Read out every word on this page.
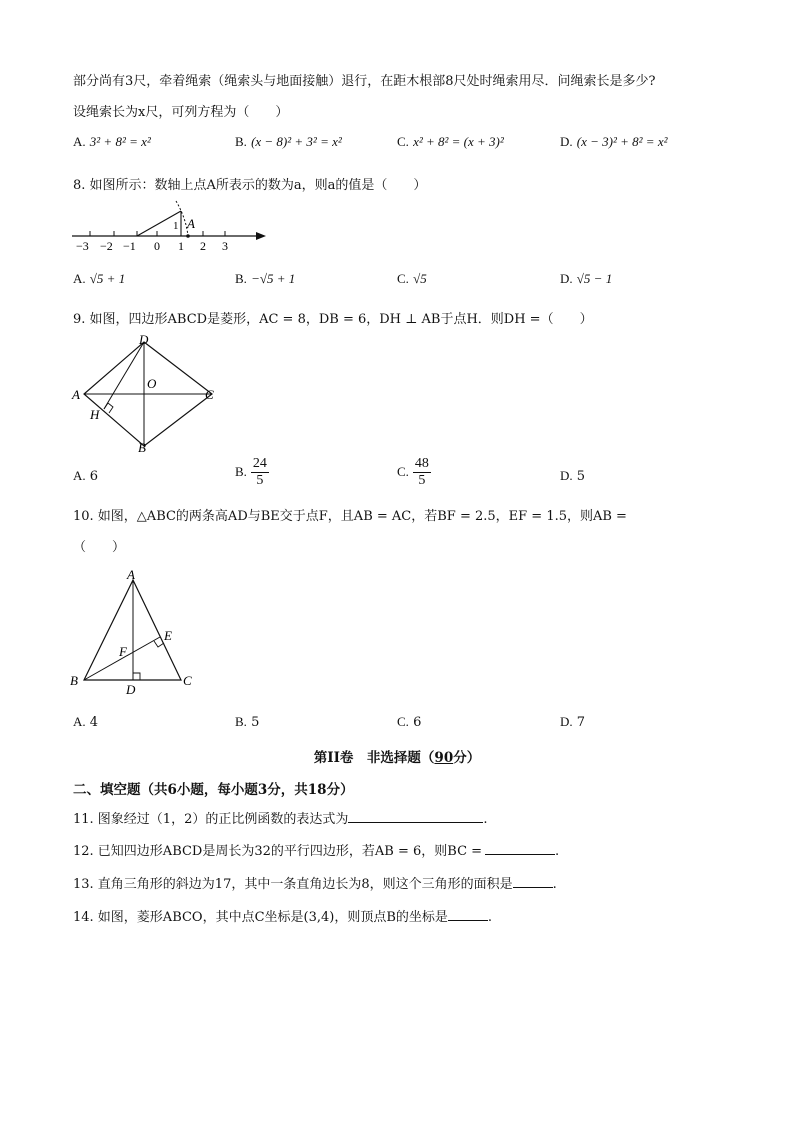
部分尚有3尺，牵着绳索（绳索头与地面接触）退行，在距木根部8尺处时绳索用尽．问绳索长是多少?
设绳索长为x尺，可列方程为（　　）
A. 3² + 8² = x²	B. (x − 8)² + 3² = x²	C. x² + 8² = (x + 3)²	D. (x − 3)² + 8² = x²
8. 如图所示：数轴上点A所表示的数为a，则a的值是（　　）
A
1
−3 −2 −1 0 1 2 3
A. √5 + 1	B. −√5 + 1	C. √5	D. √5 − 1
9. 如图，四边形ABCD是菱形，AC = 8，DB = 6，DH ⊥ AB于点H．则DH =（　　）
D
A	C
B
O
H
A. 6	B. $\frac{24}{5}$	C. $\frac{48}{5}$	D. 5
10. 如图，△ABC的两条高AD与BE交于点F，且AB = AC，若BF = 2.5，EF = 1.5，则AB =
（　　）
A
B	C
D
E
F
A. 4	B. 5	C. 6	D. 7
第II卷　非选择题（90分）
二、填空题（共6小题，每小题3分，共18分）
11. 图象经过（1，2）的正比例函数的表达式为	.
12. 已知四边形ABCD是周长为32的平行四边形，若AB = 6，则BC =	.
13. 直角三角形的斜边为17，其中一条直角边长为8，则这个三角形的面积是	.
14. 如图，菱形ABCO，其中点C坐标是(3,4)，则顶点B的坐标是	.
